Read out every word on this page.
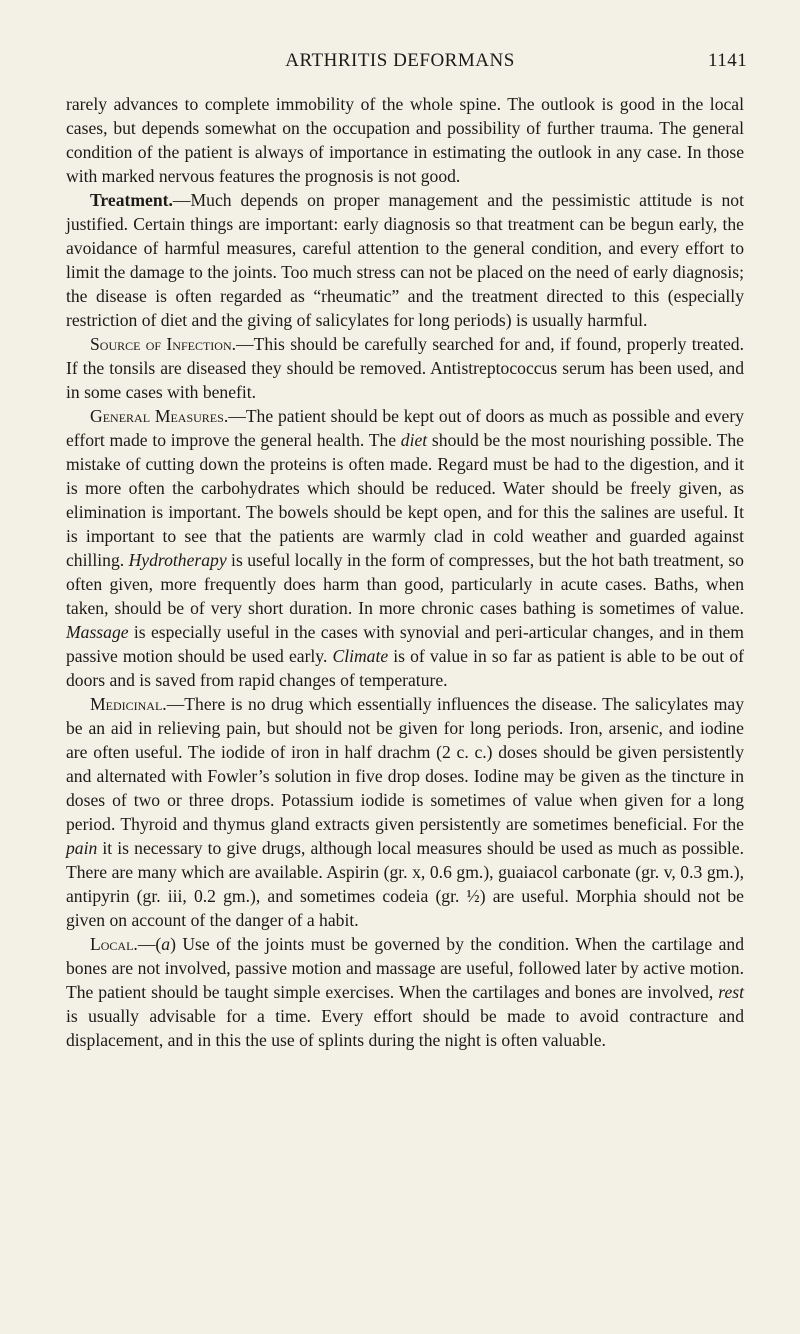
ARTHRITIS DEFORMANS	1141

rarely advances to complete immobility of the whole spine. The outlook is good in the local cases, but depends somewhat on the occupation and possibility of further trauma. The general condition of the patient is always of importance in estimating the outlook in any case. In those with marked nervous features the prognosis is not good.

Treatment.—Much depends on proper management and the pessimistic attitude is not justified. Certain things are important: early diagnosis so that treatment can be begun early, the avoidance of harmful measures, careful attention to the general condition, and every effort to limit the damage to the joints. Too much stress can not be placed on the need of early diagnosis; the disease is often regarded as “rheumatic” and the treatment directed to this (especially restriction of diet and the giving of salicylates for long periods) is usually harmful.

Source of Infection.—This should be carefully searched for and, if found, properly treated. If the tonsils are diseased they should be removed. Antistreptococcus serum has been used, and in some cases with benefit.

General Measures.—The patient should be kept out of doors as much as possible and every effort made to improve the general health. The diet should be the most nourishing possible. The mistake of cutting down the proteins is often made. Regard must be had to the digestion, and it is more often the carbohydrates which should be reduced. Water should be freely given, as elimination is important. The bowels should be kept open, and for this the salines are useful. It is important to see that the patients are warmly clad in cold weather and guarded against chilling. Hydrotherapy is useful locally in the form of compresses, but the hot bath treatment, so often given, more frequently does harm than good, particularly in acute cases. Baths, when taken, should be of very short duration. In more chronic cases bathing is sometimes of value. Massage is especially useful in the cases with synovial and peri-articular changes, and in them passive motion should be used early. Climate is of value in so far as patient is able to be out of doors and is saved from rapid changes of temperature.

Medicinal.—There is no drug which essentially influences the disease. The salicylates may be an aid in relieving pain, but should not be given for long periods. Iron, arsenic, and iodine are often useful. The iodide of iron in half drachm (2 c. c.) doses should be given persistently and alternated with Fowler’s solution in five drop doses. Iodine may be given as the tincture in doses of two or three drops. Potassium iodide is sometimes of value when given for a long period. Thyroid and thymus gland extracts given persistently are sometimes beneficial. For the pain it is necessary to give drugs, although local measures should be used as much as possible. There are many which are available. Aspirin (gr. x, 0.6 gm.), guaiacol carbonate (gr. v, 0.3 gm.), antipyrin (gr. iii, 0.2 gm.), and sometimes codeia (gr. ½) are useful. Morphia should not be given on account of the danger of a habit.

Local.—(a) Use of the joints must be governed by the condition. When the cartilage and bones are not involved, passive motion and massage are useful, followed later by active motion. The patient should be taught simple exercises. When the cartilages and bones are involved, rest is usually advisable for a time. Every effort should be made to avoid contracture and displacement, and in this the use of splints during the night is often valuable.
